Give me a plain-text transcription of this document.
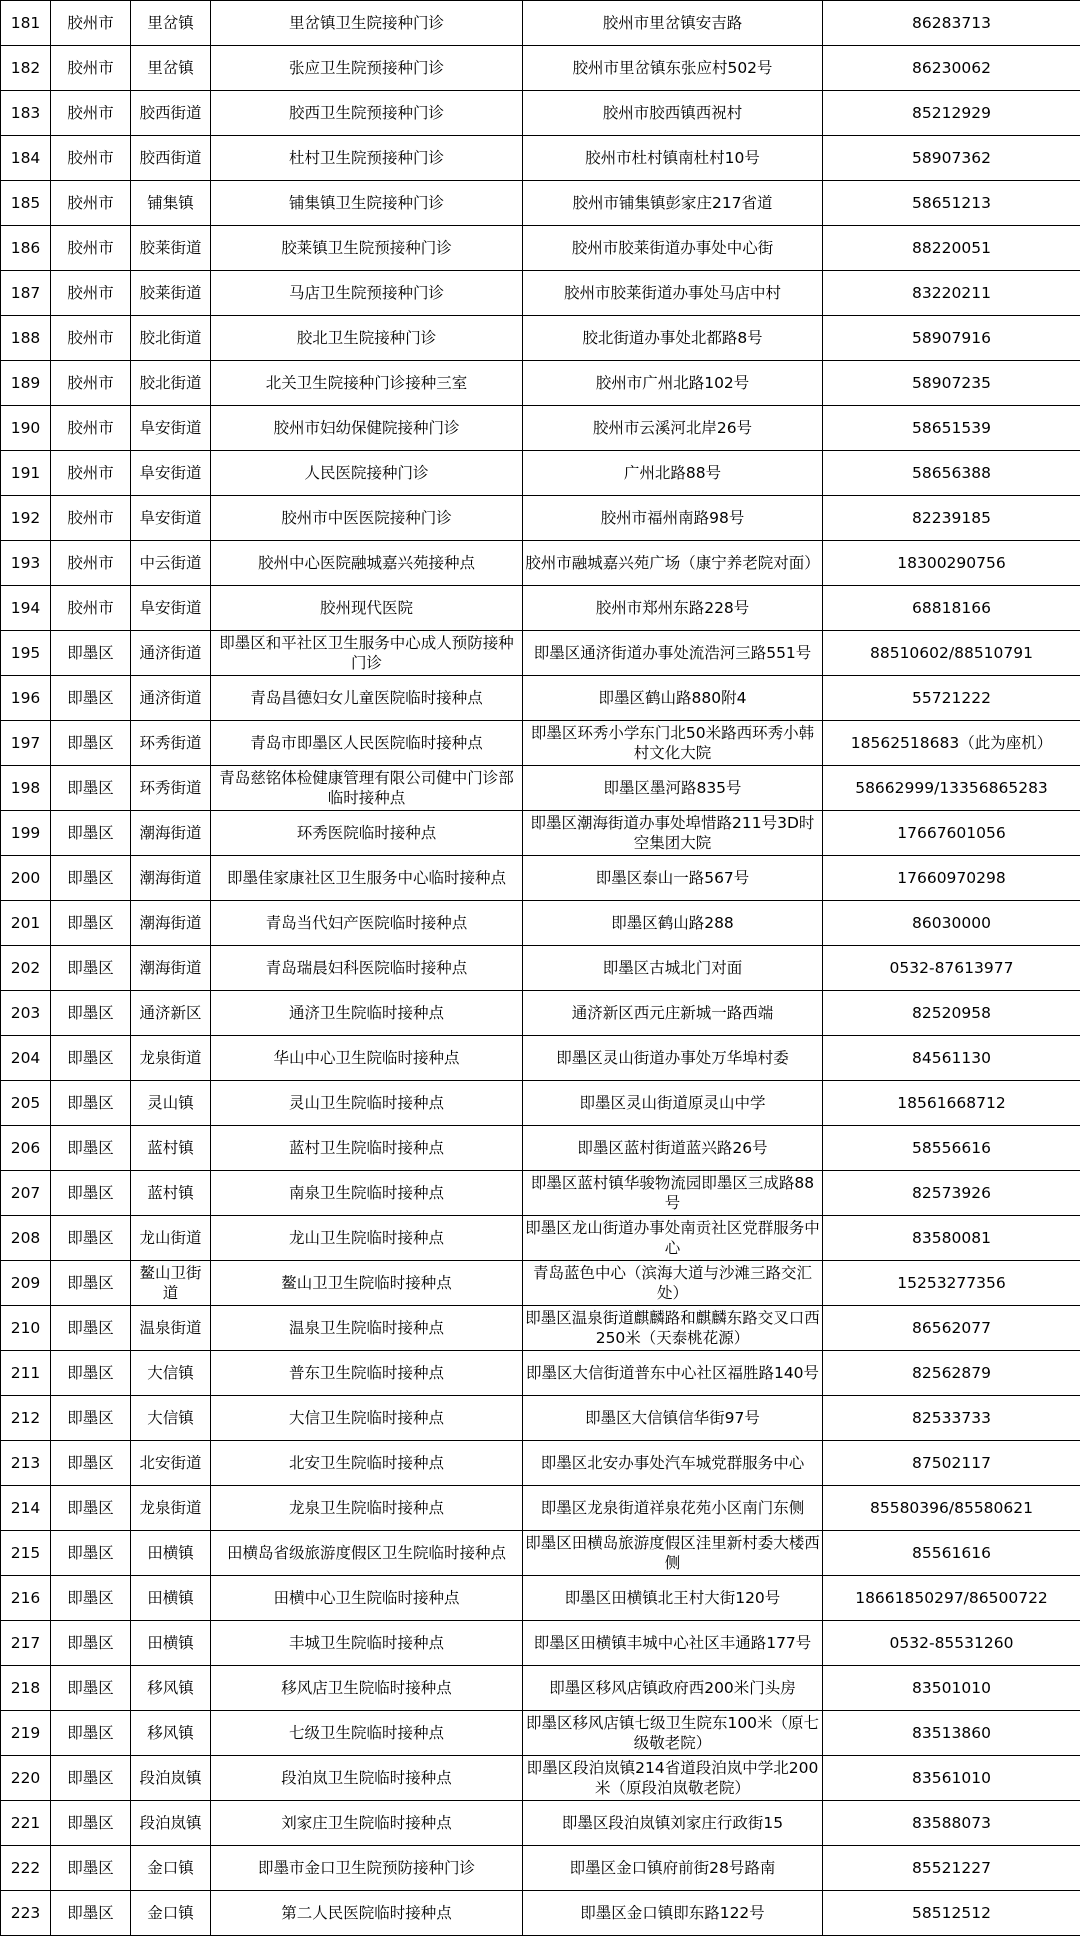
181	胶州市	里岔镇	里岔镇卫生院接种门诊	胶州市里岔镇安吉路	86283713
182	胶州市	里岔镇	张应卫生院预接种门诊	胶州市里岔镇东张应村502号	86230062
183	胶州市	胶西街道	胶西卫生院预接种门诊	胶州市胶西镇西祝村	85212929
184	胶州市	胶西街道	杜村卫生院预接种门诊	胶州市杜村镇南杜村10号	58907362
185	胶州市	铺集镇	铺集镇卫生院接种门诊	胶州市铺集镇彭家庄217省道	58651213
186	胶州市	胶莱街道	胶莱镇卫生院预接种门诊	胶州市胶莱街道办事处中心街	88220051
187	胶州市	胶莱街道	马店卫生院预接种门诊	胶州市胶莱街道办事处马店中村	83220211
188	胶州市	胶北街道	胶北卫生院接种门诊	胶北街道办事处北都路8号	58907916
189	胶州市	胶北街道	北关卫生院接种门诊接种三室	胶州市广州北路102号	58907235
190	胶州市	阜安街道	胶州市妇幼保健院接种门诊	胶州市云溪河北岸26号	58651539
191	胶州市	阜安街道	人民医院接种门诊	广州北路88号	58656388
192	胶州市	阜安街道	胶州市中医医院接种门诊	胶州市福州南路98号	82239185
193	胶州市	中云街道	胶州中心医院融城嘉兴苑接种点	胶州市融城嘉兴苑广场（康宁养老院对面）	18300290756
194	胶州市	阜安街道	胶州现代医院	胶州市郑州东路228号	68818166
195	即墨区	通济街道	即墨区和平社区卫生服务中心成人预防接种门诊	即墨区通济街道办事处流浩河三路551号	88510602/88510791
196	即墨区	通济街道	青岛昌德妇女儿童医院临时接种点	即墨区鹤山路880附4	55721222
197	即墨区	环秀街道	青岛市即墨区人民医院临时接种点	即墨区环秀小学东门北50米路西环秀小韩村文化大院	18562518683（此为座机）
198	即墨区	环秀街道	青岛慈铭体检健康管理有限公司健中门诊部临时接种点	即墨区墨河路835号	58662999/13356865283
199	即墨区	潮海街道	环秀医院临时接种点	即墨区潮海街道办事处埠惜路211号3D时空集团大院	17667601056
200	即墨区	潮海街道	即墨佳家康社区卫生服务中心临时接种点	即墨区泰山一路567号	17660970298
201	即墨区	潮海街道	青岛当代妇产医院临时接种点	即墨区鹤山路288	86030000
202	即墨区	潮海街道	青岛瑞晨妇科医院临时接种点	即墨区古城北门对面	0532-87613977
203	即墨区	通济新区	通济卫生院临时接种点	通济新区西元庄新城一路西端	82520958
204	即墨区	龙泉街道	华山中心卫生院临时接种点	即墨区灵山街道办事处万华埠村委	84561130
205	即墨区	灵山镇	灵山卫生院临时接种点	即墨区灵山街道原灵山中学	18561668712
206	即墨区	蓝村镇	蓝村卫生院临时接种点	即墨区蓝村街道蓝兴路26号	58556616
207	即墨区	蓝村镇	南泉卫生院临时接种点	即墨区蓝村镇华骏物流园即墨区三成路88号	82573926
208	即墨区	龙山街道	龙山卫生院临时接种点	即墨区龙山街道办事处南贡社区党群服务中心	83580081
209	即墨区	鳌山卫街道	鳌山卫卫生院临时接种点	青岛蓝色中心（滨海大道与沙滩三路交汇处）	15253277356
210	即墨区	温泉街道	温泉卫生院临时接种点	即墨区温泉街道麒麟路和麒麟东路交叉口西250米（天泰桃花源）	86562077
211	即墨区	大信镇	普东卫生院临时接种点	即墨区大信街道普东中心社区福胜路140号	82562879
212	即墨区	大信镇	大信卫生院临时接种点	即墨区大信镇信华街97号	82533733
213	即墨区	北安街道	北安卫生院临时接种点	即墨区北安办事处汽车城党群服务中心	87502117
214	即墨区	龙泉街道	龙泉卫生院临时接种点	即墨区龙泉街道祥泉花苑小区南门东侧	85580396/85580621
215	即墨区	田横镇	田横岛省级旅游度假区卫生院临时接种点	即墨区田横岛旅游度假区洼里新村委大楼西侧	85561616
216	即墨区	田横镇	田横中心卫生院临时接种点	即墨区田横镇北王村大街120号	18661850297/86500722
217	即墨区	田横镇	丰城卫生院临时接种点	即墨区田横镇丰城中心社区丰通路177号	0532-85531260
218	即墨区	移风镇	移风店卫生院临时接种点	即墨区移风店镇政府西200米门头房	83501010
219	即墨区	移风镇	七级卫生院临时接种点	即墨区移风店镇七级卫生院东100米（原七级敬老院）	83513860
220	即墨区	段泊岚镇	段泊岚卫生院临时接种点	即墨区段泊岚镇214省道段泊岚中学北200米（原段泊岚敬老院）	83561010
221	即墨区	段泊岚镇	刘家庄卫生院临时接种点	即墨区段泊岚镇刘家庄行政街15	83588073
222	即墨区	金口镇	即墨市金口卫生院预防接种门诊	即墨区金口镇府前街28号路南	85521227
223	即墨区	金口镇	第二人民医院临时接种点	即墨区金口镇即东路122号	58512512
